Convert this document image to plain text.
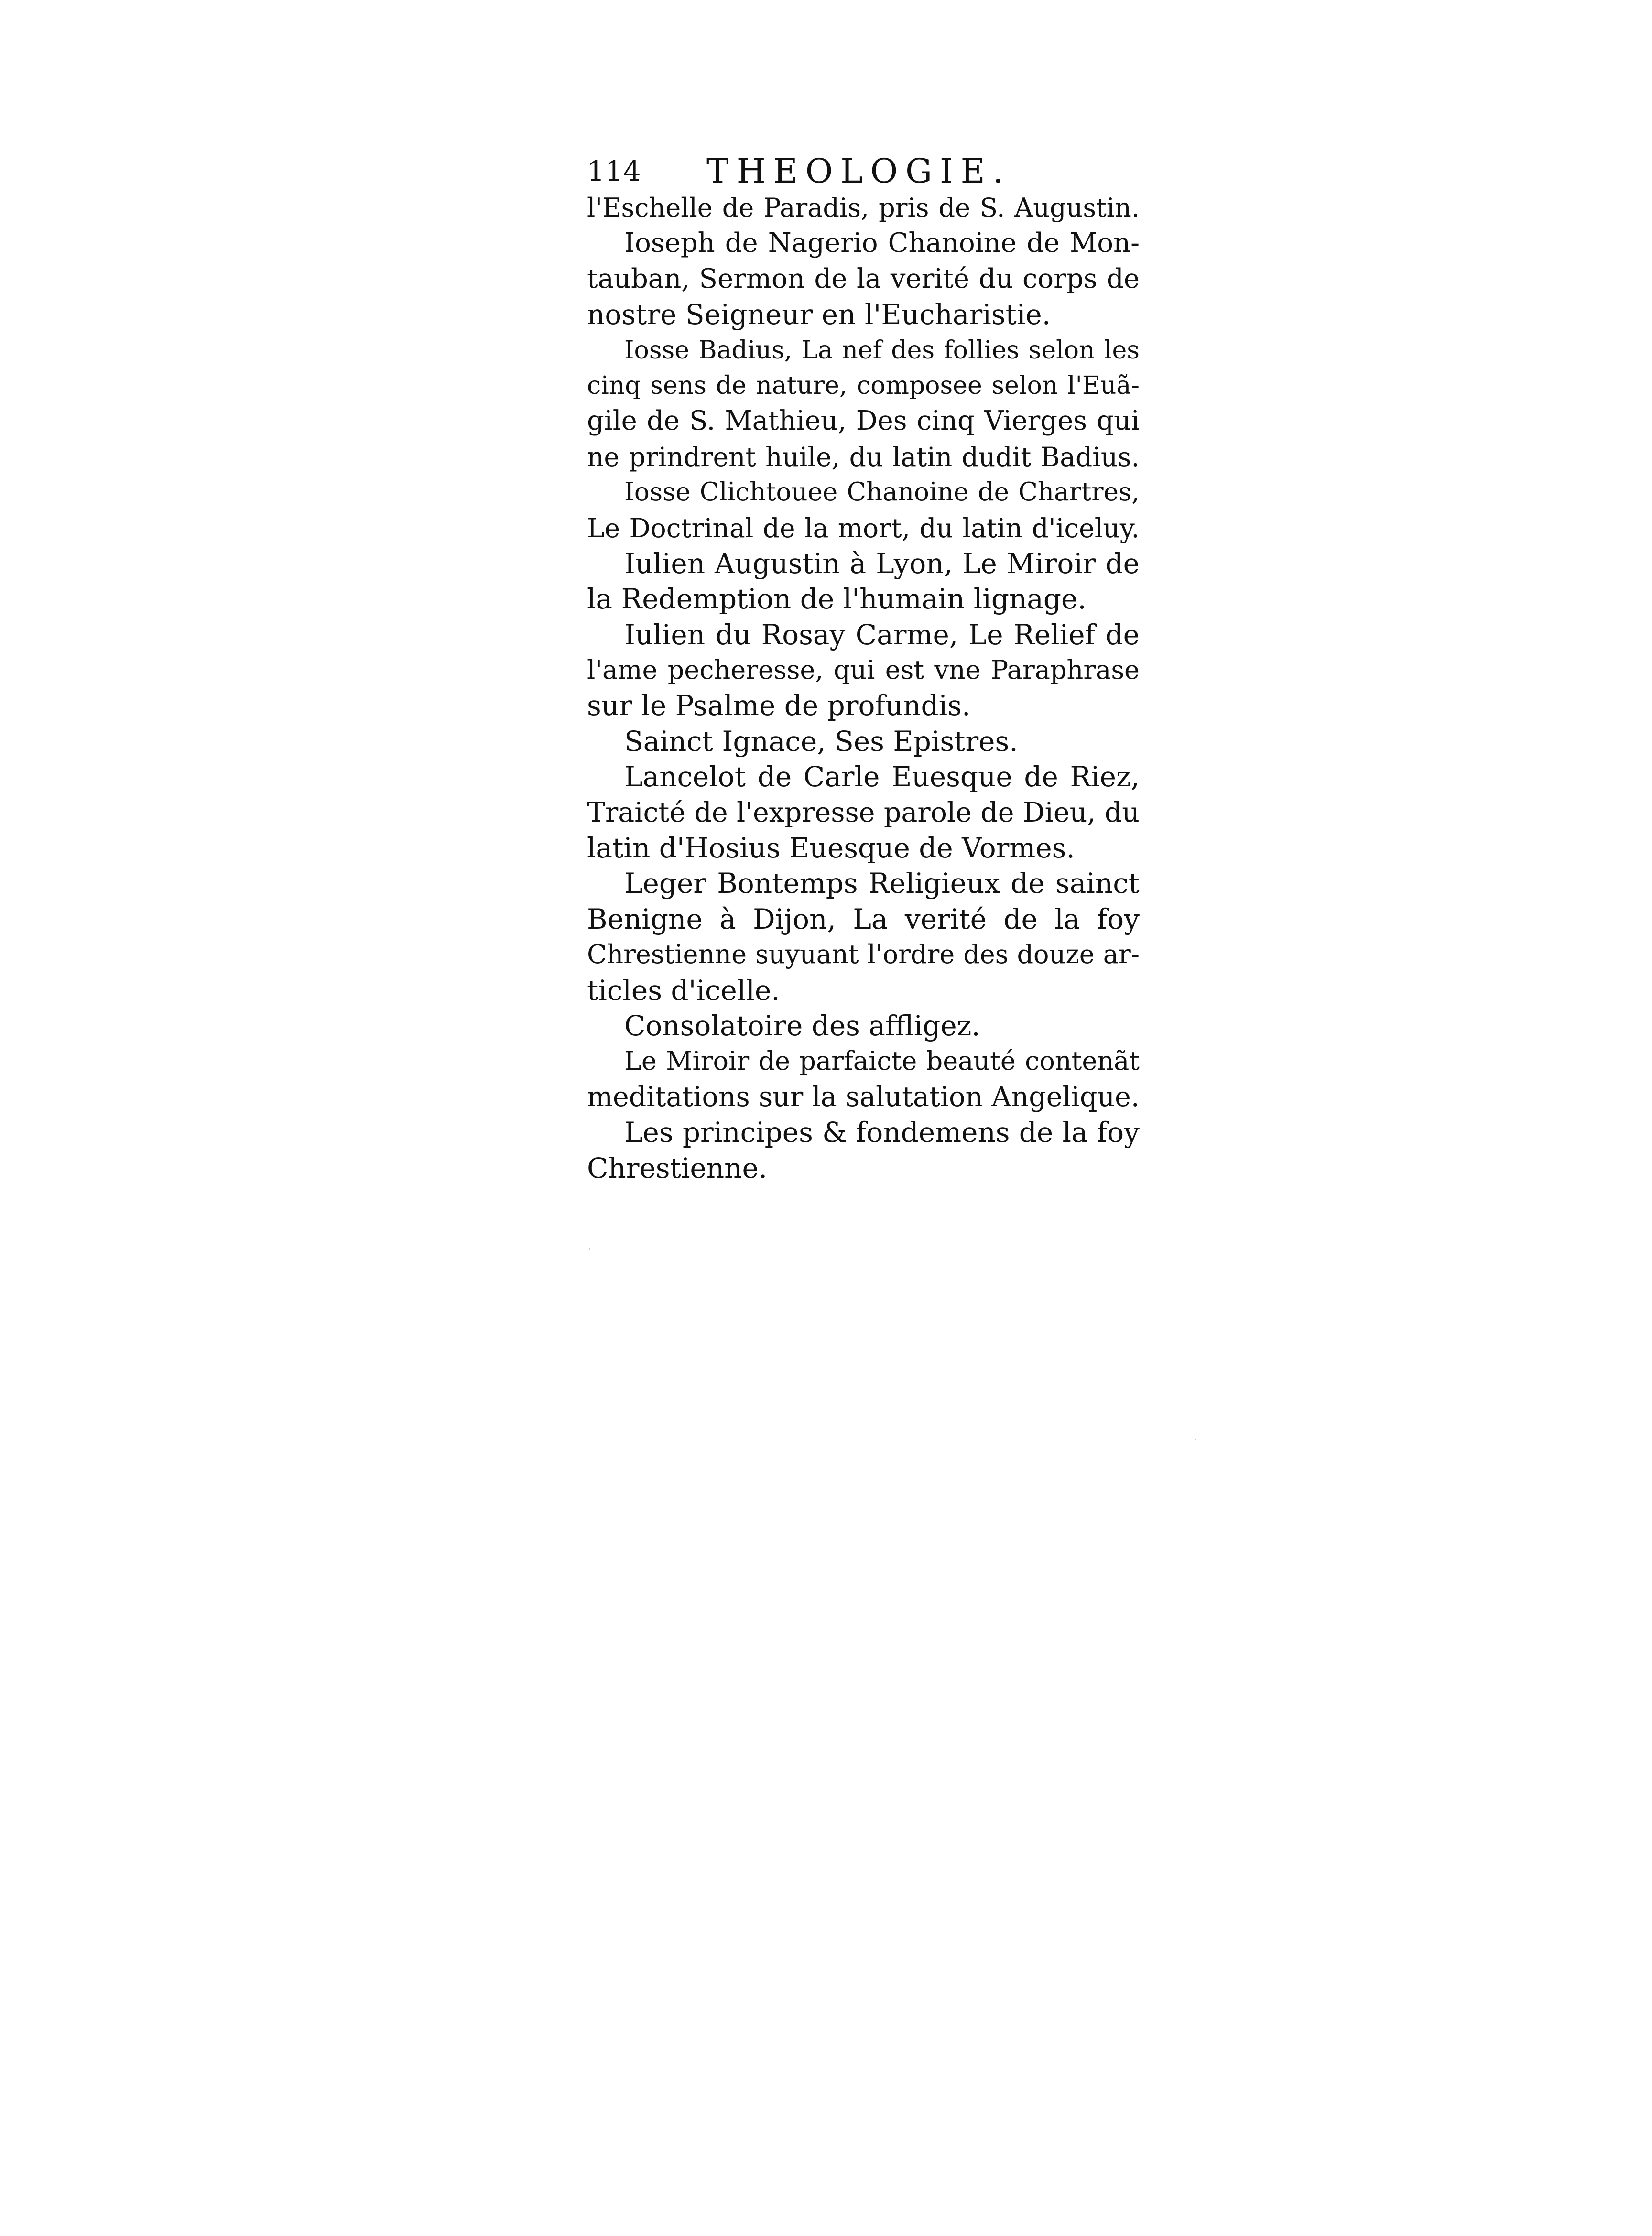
114 THEOLOGIE.
l'Eschelle de Paradis, pris de S. Augustin.
Ioseph de Nagerio Chanoine de Mon-
tauban, Sermon de la verité du corps de
nostre Seigneur en l'Eucharistie.
Iosse Badius, La nef des follies selon les
cinq sens de nature, composee selon l'Euã-
gile de S. Mathieu, Des cinq Vierges qui
ne prindrent huile, du latin dudit Badius.
Iosse Clichtouee Chanoine de Chartres,
Le Doctrinal de la mort, du latin d'iceluy.
Iulien Augustin à Lyon, Le Miroir de
la Redemption de l'humain lignage.
Iulien du Rosay Carme, Le Relief de
l'ame pecheresse, qui est vne Paraphrase
sur le Psalme de profundis.
Sainct Ignace, Ses Epistres.
Lancelot de Carle Euesque de Riez,
Traicté de l'expresse parole de Dieu, du
latin d'Hosius Euesque de Vormes.
Leger Bontemps Religieux de sainct
Benigne à Dijon, La verité de la foy
Chrestienne suyuant l'ordre des douze ar-
ticles d'icelle.
Consolatoire des affligez.
Le Miroir de parfaicte beauté contenãt
meditations sur la salutation Angelique.
Les principes & fondemens de la foy
Chrestienne.
